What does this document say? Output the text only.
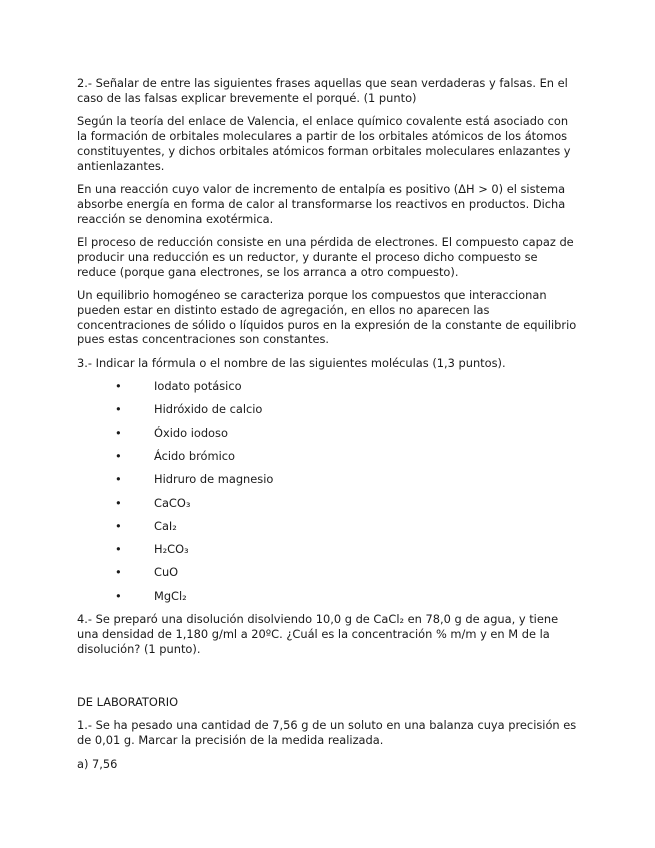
2.- Señalar de entre las siguientes frases aquellas que sean verdaderas y falsas. En el caso de las falsas explicar brevemente el porqué. (1 punto)

Según la teoría del enlace de Valencia, el enlace químico covalente está asociado con la formación de orbitales moleculares a partir de los orbitales atómicos de los átomos constituyentes, y dichos orbitales atómicos forman orbitales moleculares enlazantes y antienlazantes.

En una reacción cuyo valor de incremento de entalpía es positivo (ΔH > 0) el sistema absorbe energía en forma de calor al transformarse los reactivos en productos. Dicha reacción se denomina exotérmica.

El proceso de reducción consiste en una pérdida de electrones. El compuesto capaz de producir una reducción es un reductor, y durante el proceso dicho compuesto se reduce (porque gana electrones, se los arranca a otro compuesto).

Un equilibrio homogéneo se caracteriza porque los compuestos que interaccionan pueden estar en distinto estado de agregación, en ellos no aparecen las concentraciones de sólido o líquidos puros en la expresión de la constante de equilibrio pues estas concentraciones son constantes.

3.- Indicar la fórmula o el nombre de las siguientes moléculas (1,3 puntos).

•	Iodato potásico
•	Hidróxido de calcio
•	Óxido iodoso
•	Ácido brómico
•	Hidruro de magnesio
•	CaCO₃
•	CaI₂
•	H₂CO₃
•	CuO
•	MgCl₂

4.- Se preparó una disolución disolviendo 10,0 g de CaCl₂ en 78,0 g de agua, y tiene una densidad de 1,180 g/ml a 20ºC. ¿Cuál es la concentración % m/m y en M de la disolución? (1 punto).

DE LABORATORIO

1.- Se ha pesado una cantidad de 7,56 g de un soluto en una balanza cuya precisión es de 0,01 g. Marcar la precisión de la medida realizada.

a) 7,56
